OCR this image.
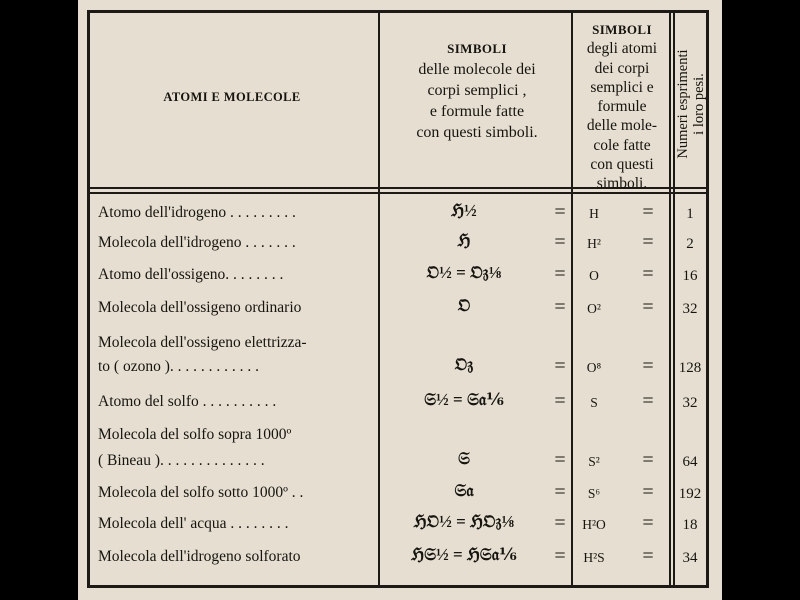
ATOMI E MOLECOLE
SIMBOLI
delle molecole dei
corpi semplici ,
e formule fatte
con questi simboli.
SIMBOLI
degli atomi
dei corpi
semplici e
formule
delle mole-
cole fatte
con questi
simboli.
Numeri esprimenti i loro pesi.
Atomo dell'idrogeno . . . . . . . . .	ℌ½	=	H	=	1
Molecola dell'idrogeno . . . . . . .	ℌ	=	H²	=	2
Atomo dell'ossigeno. . . . . . . .	𝔒½ = 𝔒𝔷⅛	=	O	=	16
Molecola dell'ossigeno ordinario	𝔒	=	O²	=	32
Molecola dell'ossigeno elettrizza-
to ( ozono ). . . . . . . . . . . .	𝔒𝔷	=	O⁸	=	128
Atomo del solfo . . . . . . . . . .	𝔖½ = 𝔖𝔞⅙	=	S	=	32
Molecola del solfo sopra 1000º
( Bineau ). . . . . . . . . . . . . .	𝔖	=	S²	=	64
Molecola del solfo sotto 1000º . .	𝔖𝔞	=	S⁶	=	192
Molecola dell' acqua . . . . . . . .	ℌ𝔒½ = ℌ𝔒𝔷⅛	=	H²O	=	18
Molecola dell'idrogeno solforato	ℌ𝔖½ = ℌ𝔖𝔞⅙	=	H²S	=	34
